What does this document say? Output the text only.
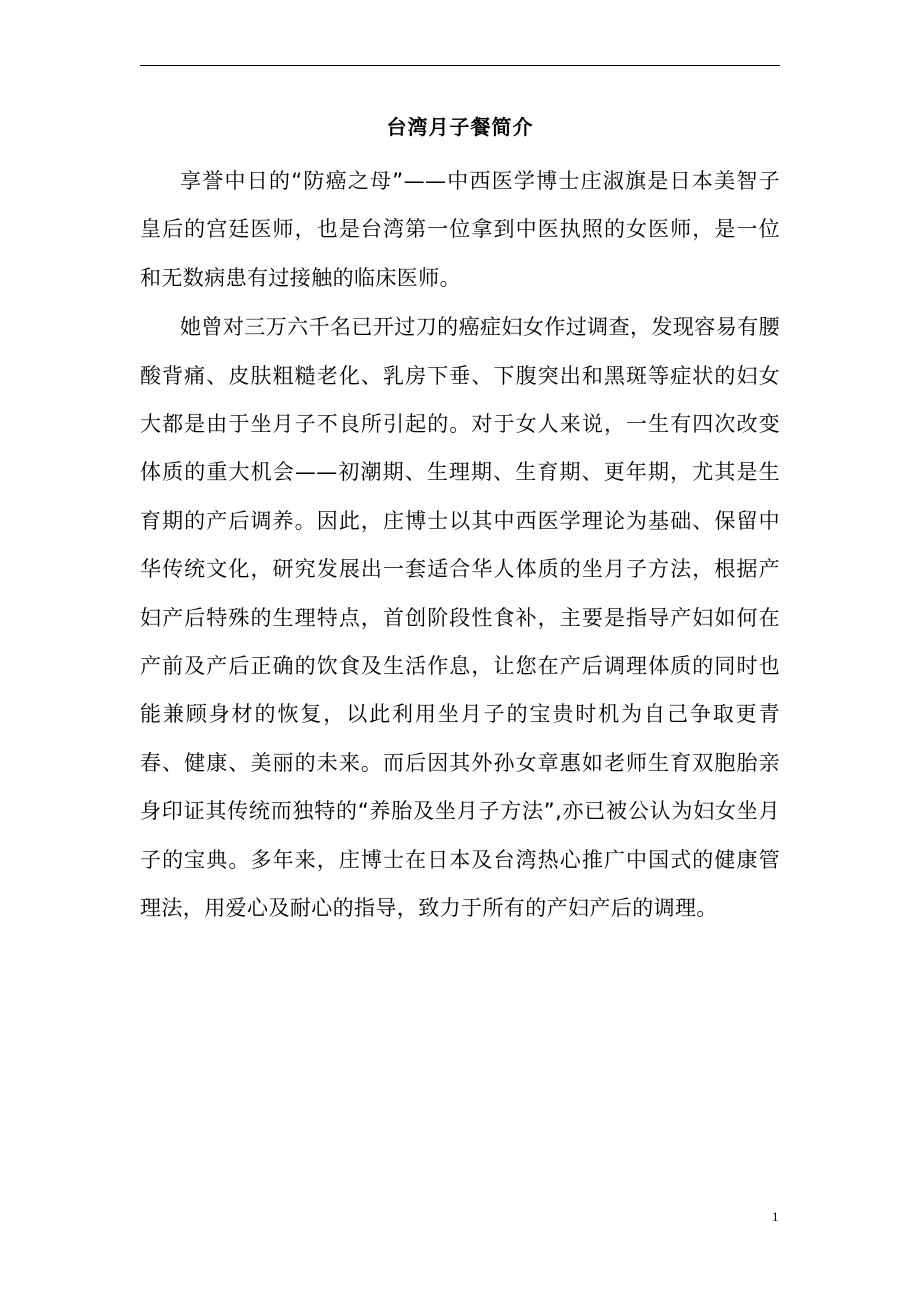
台湾月子餐简介

享誉中日的“防癌之母”——中西医学博士庄淑旗是日本美智子皇后的宫廷医师，也是台湾第一位拿到中医执照的女医师，是一位和无数病患有过接触的临床医师。

她曾对三万六千名已开过刀的癌症妇女作过调查，发现容易有腰酸背痛、皮肤粗糙老化、乳房下垂、下腹突出和黑斑等症状的妇女大都是由于坐月子不良所引起的。对于女人来说，一生有四次改变体质的重大机会——初潮期、生理期、生育期、更年期，尤其是生育期的产后调养。因此，庄博士以其中西医学理论为基础、保留中华传统文化，研究发展出一套适合华人体质的坐月子方法，根据产妇产后特殊的生理特点，首创阶段性食补，主要是指导产妇如何在产前及产后正确的饮食及生活作息，让您在产后调理体质的同时也能兼顾身材的恢复，以此利用坐月子的宝贵时机为自己争取更青春、健康、美丽的未来。而后因其外孙女章惠如老师生育双胞胎亲身印证其传统而独特的“养胎及坐月子方法”,亦已被公认为妇女坐月子的宝典。多年来，庄博士在日本及台湾热心推广中国式的健康管理法，用爱心及耐心的指导，致力于所有的产妇产后的调理。

1
